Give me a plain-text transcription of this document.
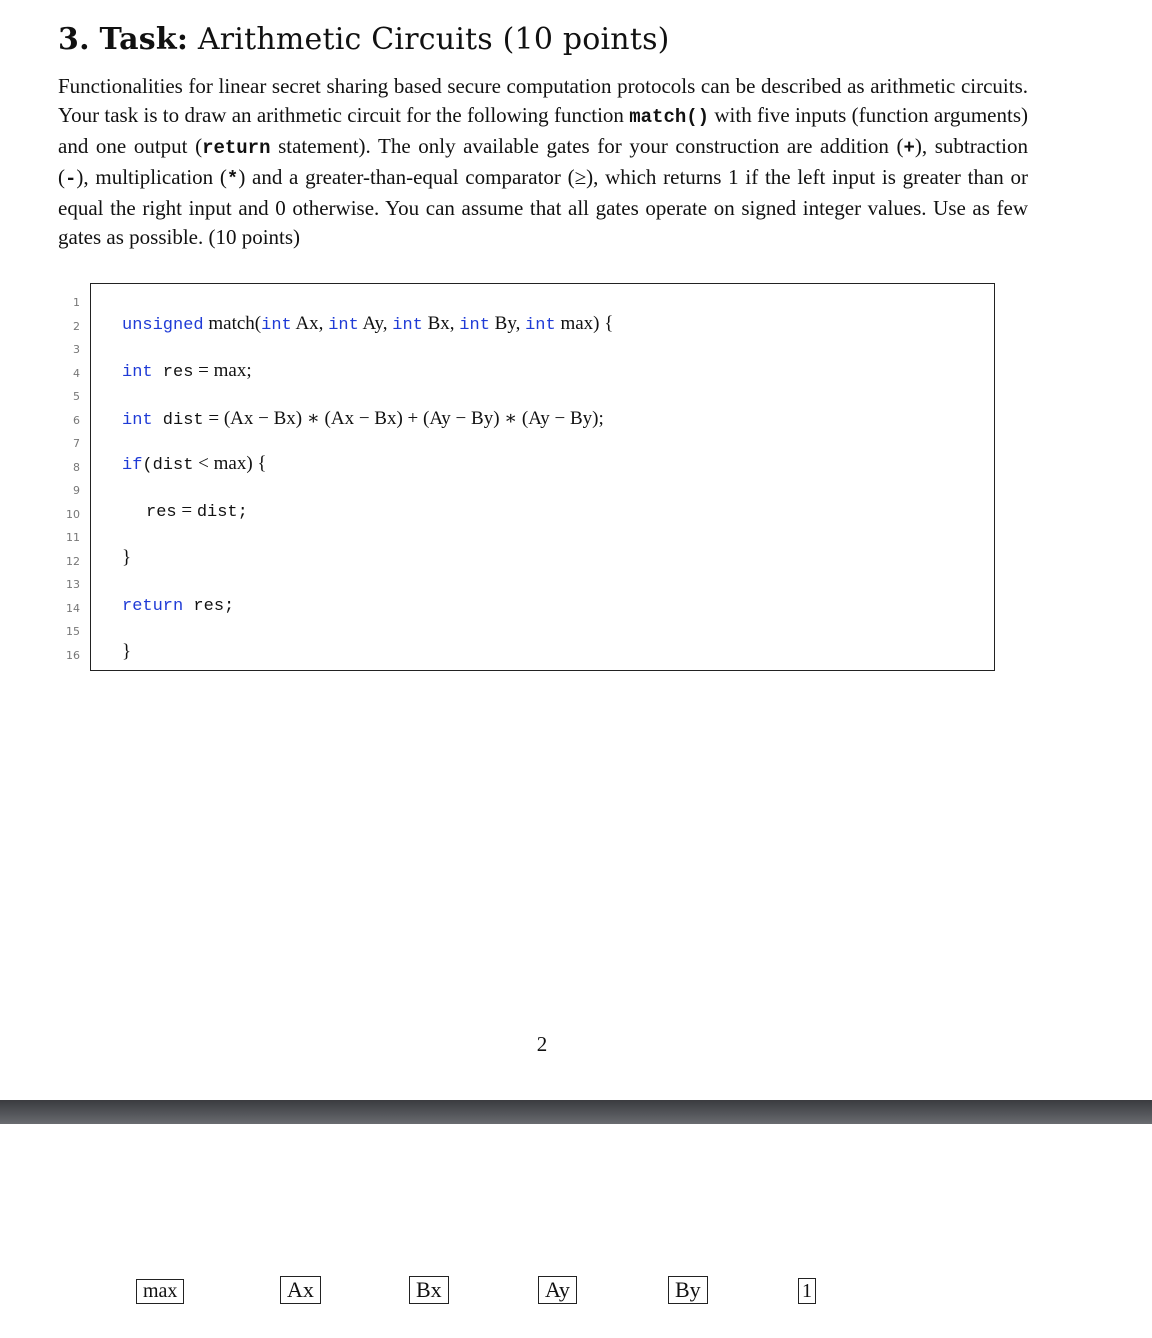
3. Task: Arithmetic Circuits (10 points)

Functionalities for linear secret sharing based secure computation protocols can be described as arithmetic circuits. Your task is to draw an arithmetic circuit for the following function match() with five inputs (function arguments) and one output (return statement). The only available gates for your construction are addition (+), subtraction (-), multiplication (*) and a greater-than-equal comparator (≥), which returns 1 if the left input is greater than or equal the right input and 0 otherwise. You can assume that all gates operate on signed integer values. Use as few gates as possible. (10 points)

1
2
3
4
5
6
7
8
9
10
11
12
13
14
15
16
unsigned match(int Ax, int Ay, int Bx, int By, int max) {
int res = max;
int dist = (Ax − Bx) ∗ (Ax − Bx) + (Ay − By) ∗ (Ay − By);
if(dist < max) {
res = dist;
}
return res;
}
2
max	Ax	Bx	Ay	By	1
